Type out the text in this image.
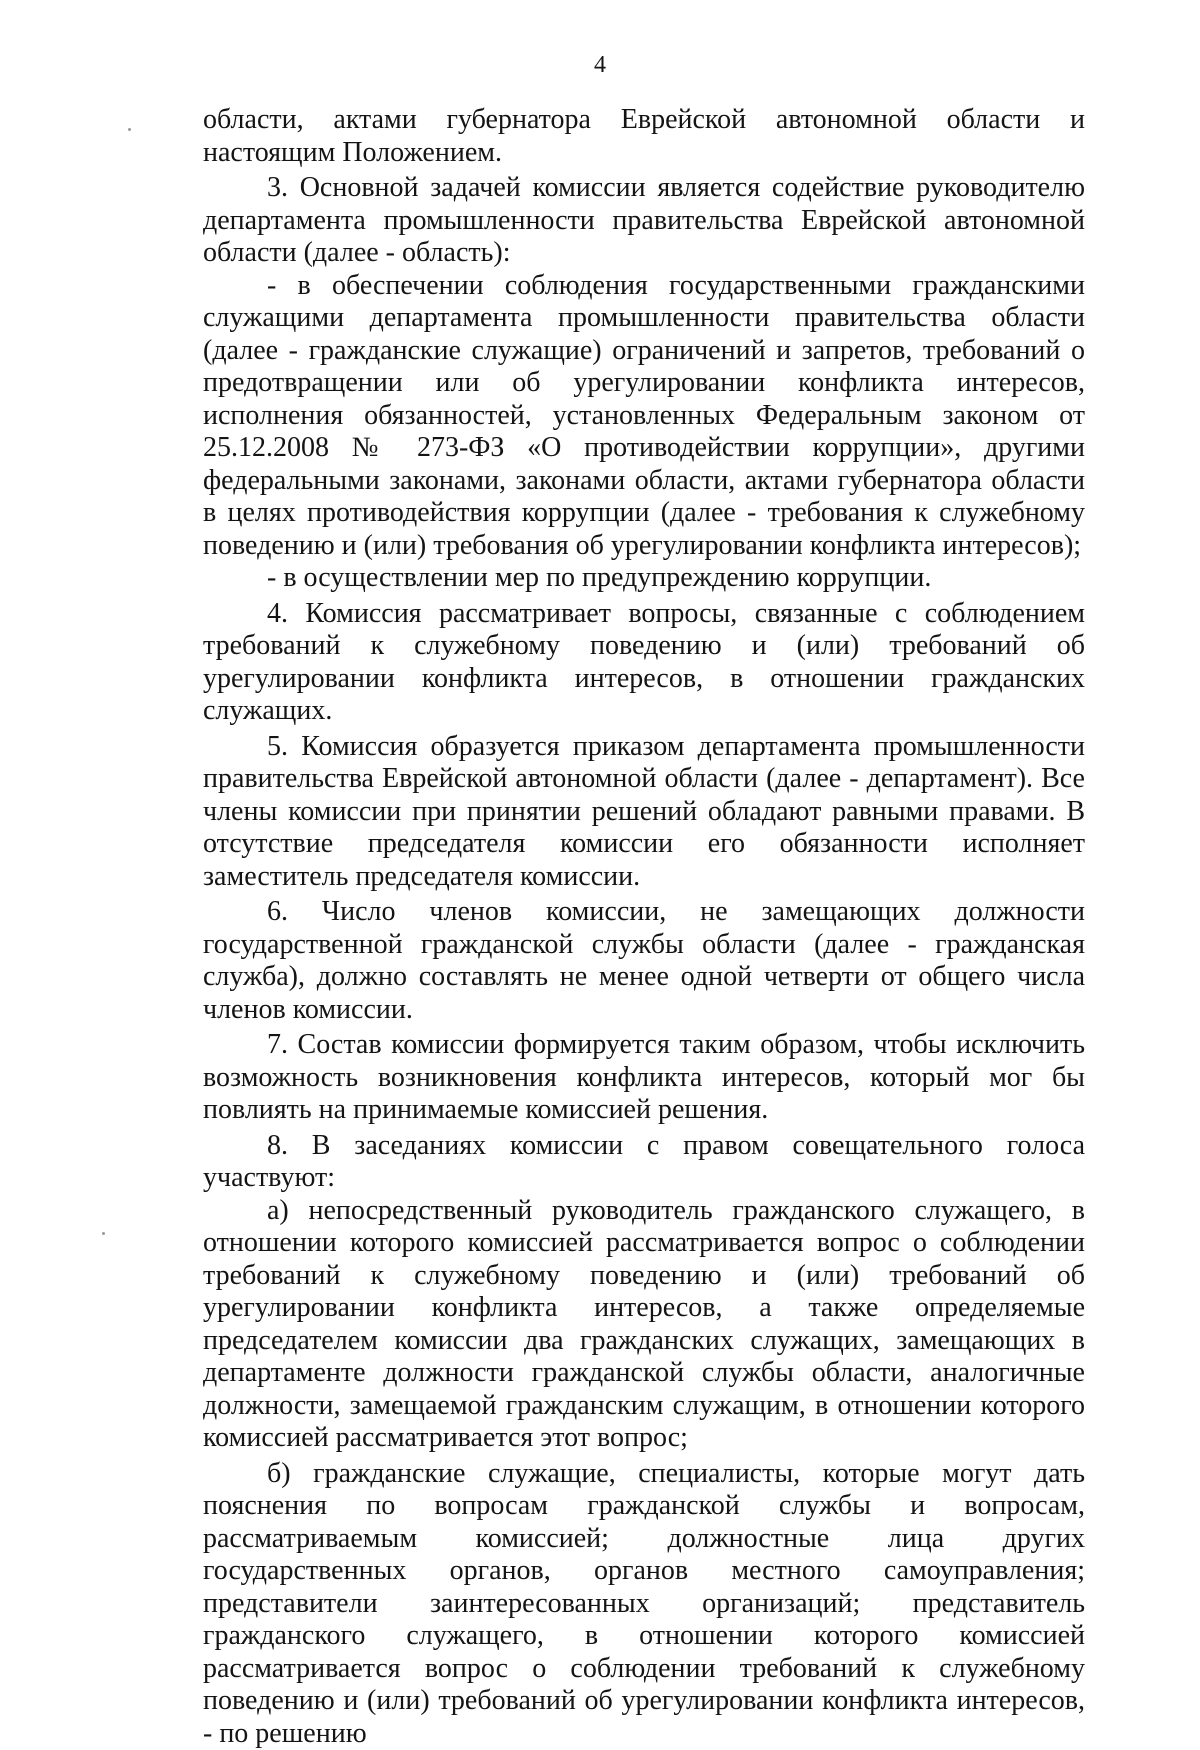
4

области, актами губернатора Еврейской автономной области и настоящим Положением.

3. Основной задачей комиссии является содействие руководителю департамента промышленности правительства Еврейской автономной области (далее - область):

- в обеспечении соблюдения государственными гражданскими служащими департамента промышленности правительства области (далее - гражданские служащие) ограничений и запретов, требований о предотвращении или об урегулировании конфликта интересов, исполнения обязанностей, установленных Федеральным законом от 25.12.2008 № 273-ФЗ «О противодействии коррупции», другими федеральными законами, законами области, актами губернатора области в целях противодействия коррупции (далее - требования к служебному поведению и (или) требования об урегулировании конфликта интересов);

- в осуществлении мер по предупреждению коррупции.

4. Комиссия рассматривает вопросы, связанные с соблюдением требований к служебному поведению и (или) требований об урегулировании конфликта интересов, в отношении гражданских служащих.

5. Комиссия образуется приказом департамента промышленности правительства Еврейской автономной области (далее - департамент). Все члены комиссии при принятии решений обладают равными правами. В отсутствие председателя комиссии его обязанности исполняет заместитель председателя комиссии.

6. Число членов комиссии, не замещающих должности государственной гражданской службы области (далее - гражданская служба), должно составлять не менее одной четверти от общего числа членов комиссии.

7. Состав комиссии формируется таким образом, чтобы исключить возможность возникновения конфликта интересов, который мог бы повлиять на принимаемые комиссией решения.

8. В заседаниях комиссии с правом совещательного голоса участвуют:

а) непосредственный руководитель гражданского служащего, в отношении которого комиссией рассматривается вопрос о соблюдении требований к служебному поведению и (или) требований об урегулировании конфликта интересов, а также определяемые председателем комиссии два гражданских служащих, замещающих в департаменте должности гражданской службы области, аналогичные должности, замещаемой гражданским служащим, в отношении которого комиссией рассматривается этот вопрос;

б) гражданские служащие, специалисты, которые могут дать пояснения по вопросам гражданской службы и вопросам, рассматриваемым комиссией; должностные лица других государственных органов, органов местного самоуправления; представители заинтересованных организаций; представитель гражданского служащего, в отношении которого комиссией рассматривается вопрос о соблюдении требований к служебному поведению и (или) требований об урегулировании конфликта интересов, - по решению
